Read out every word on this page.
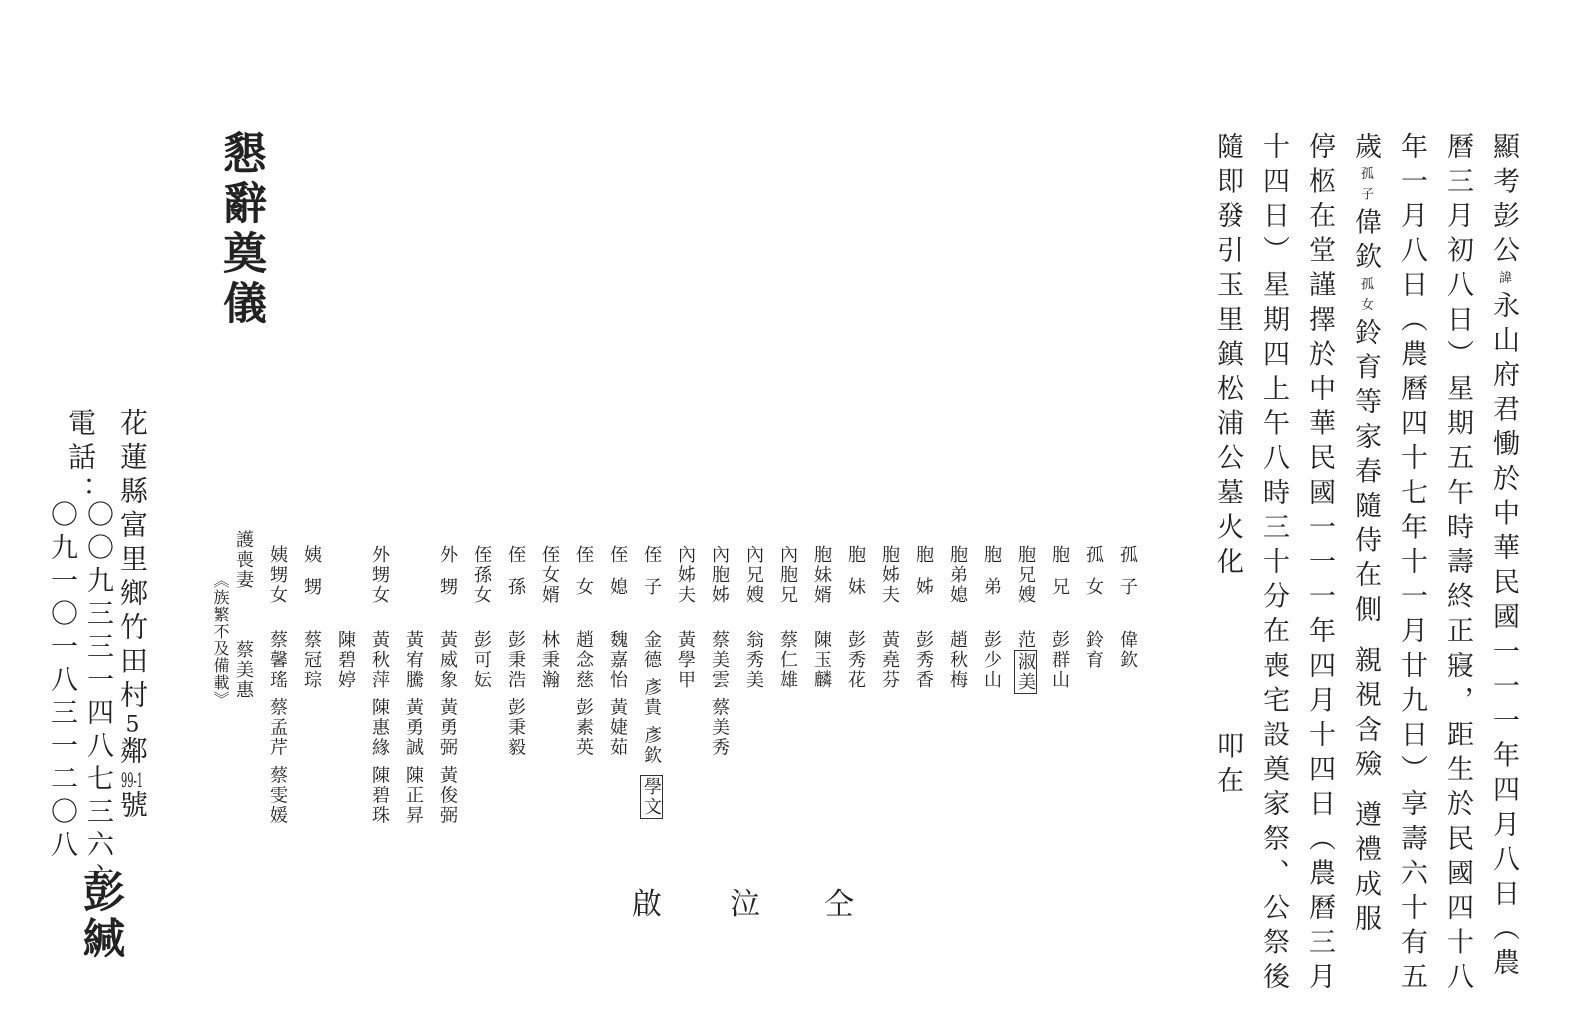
懇辭奠儀	顯考彭公諱永山府君慟於中華民國一一一年四月八日（農
曆三月初八日）星期五午時壽終正寢，距生於民國四十八
年一月八日（農曆四十七年十一月廿九日）享壽六十有五
歲孤子偉欽孤女鈴育等家春隨侍在側 親視含殮 遵禮成服
停柩在堂謹擇於中華民國一一一年四月十四日（農曆三月
十四日）星期四上午八時三十分在喪宅設奠家祭、公祭後
隨即發引玉里鎮松浦公墓火化叩在
孤子
偉欽
孤女
鈴育
胞兄
彭群山
胞兄嫂
范淑美
胞弟
彭少山
胞弟媳
趙秋梅
胞姊
彭秀香
胞姊夫
黃堯芬
胞妹
彭秀花
胞妹婿
陳玉麟
內胞兄
蔡仁雄
內兄嫂
翁秀美
內胞姊
蔡美雲 蔡美秀
內姊夫
黃學甲
侄子
金德 彥貴 彥欽學文
侄媳
魏嘉怡 黃婕茹
侄女
趙念慈 彭素英
侄女婿
林秉瀚
侄孫
彭秉浩 彭秉毅
侄孫女
彭可妘
外甥
黃威象 黃勇弼 黃俊弼
黃宥騰 黃勇誠 陳正昇
外甥女
黃秋萍 陳惠緣 陳碧珠
陳碧婷
姨甥
蔡冠琮
姨甥女
蔡馨瑤 蔡孟芹 蔡雯媛
護喪妻
蔡美惠
《族繁不及備載》
仝
泣
啟
花蓮縣富里鄉竹田村5鄰99-1號
電話：
〇〇九三三一四八七三六六
〇九一〇一八三一二〇八
彭緘
